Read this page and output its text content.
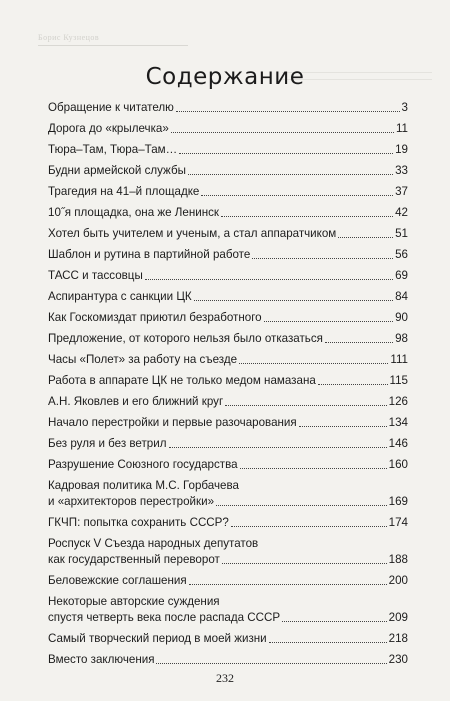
Борис Кузнецов
Содержание
Обращение к читателю	3
Дорога до «крылечка»	11
Тюра–Там, Тюра–Там…	19
Будни армейской службы	33
Трагедия на 41–й площадке	37
10˝я площадка, она же Ленинск	42
Хотел быть учителем и ученым, а стал аппаратчиком	51
Шаблон и рутина в партийной работе	56
ТАСС и тассовцы	69
Аспирантура с санкции ЦК	84
Как Госкомиздат приютил безработного	90
Предложение, от которого нельзя было отказаться	98
Часы «Полет» за работу на съезде	111
Работа в аппарате ЦК не только медом намазана	115
А.Н. Яковлев и его ближний круг	126
Начало перестройки и первые разочарования	134
Без руля и без ветрил	146
Разрушение Союзного государства	160
Кадровая политика М.С. Горбачева
и «архитекторов перестройки»	169
ГКЧП: попытка сохранить СССР?	174
Роспуск V Съезда народных депутатов
как государственный переворот	188
Беловежские соглашения	200
Некоторые авторские суждения
спустя четверть века после распада СССР	209
Самый творческий период в моей жизни	218
Вместо заключения	230
232
